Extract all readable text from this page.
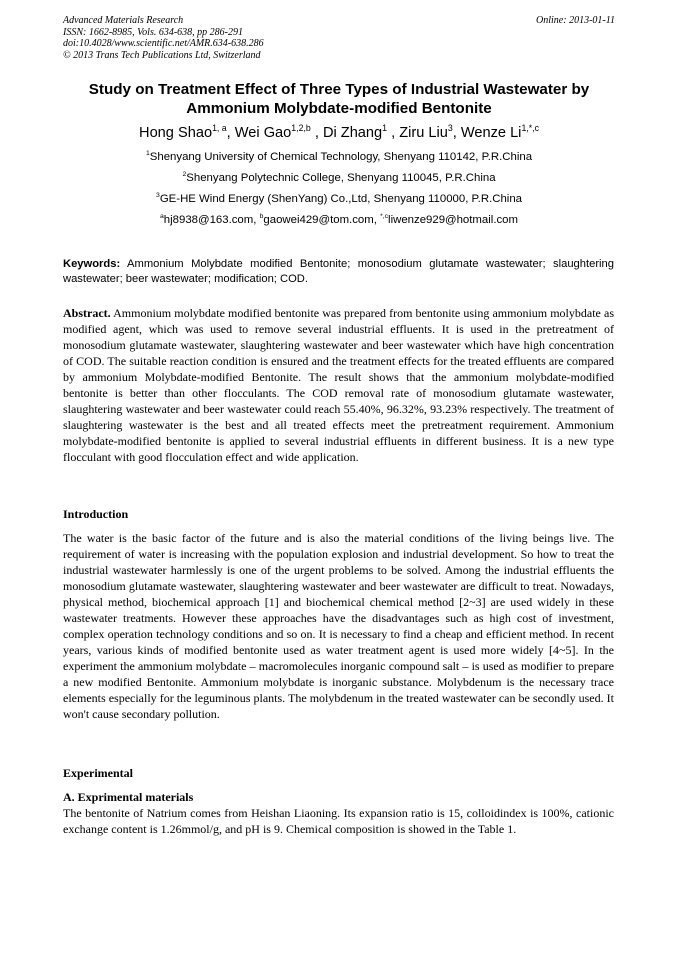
Advanced Materials Research
ISSN: 1662-8985, Vols. 634-638, pp 286-291
doi:10.4028/www.scientific.net/AMR.634-638.286
© 2013 Trans Tech Publications Ltd, Switzerland
Online: 2013-01-11
Study on Treatment Effect of Three Types of Industrial Wastewater by
Ammonium Molybdate-modified Bentonite
Hong Shao$^{1, a}$, Wei Gao$^{1,2,b}$ , Di Zhang$^1$ , Ziru Liu$^3$, Wenze $Li^{1,*,c}$
$^1$Shenyang University of Chemical Technology, Shenyang 110142, P.R.China
$^2$Shenyang Polytechnic College, Shenyang 110045, P.R.China
$^3$GE-HE Wind Energy (ShenYang) Co.,Ltd, Shenyang 110000, P.R.China
$^a$hj8938@163.com, $^b$gaowei429@tom.com, $^{*,c}$liwenze929@hotmail.com
Keywords: Ammonium Molybdate modified Bentonite; monosodium glutamate wastewater; slaughtering wastewater; beer wastewater; modification; COD.
Abstract. Ammonium molybdate modified bentonite was prepared from bentonite using ammonium molybdate as modified agent, which was used to remove several industrial effluents. It is used in the pretreatment of monosodium glutamate wastewater, slaughtering wastewater and beer wastewater which have high concentration of COD. The suitable reaction condition is ensured and the treatment effects for the treated effluents are compared by ammonium Molybdate-modified Bentonite. The result shows that the ammonium molybdate-modified bentonite is better than other flocculants. The COD removal rate of monosodium glutamate wastewater, slaughtering wastewater and beer wastewater could reach 55.40%, 96.32%, 93.23% respectively. The treatment of slaughtering wastewater is the best and all treated effects meet the pretreatment requirement. Ammonium molybdate-modified bentonite is applied to several industrial effluents in different business. It is a new type flocculant with good flocculation effect and wide application.
Introduction
The water is the basic factor of the future and is also the material conditions of the living beings live. The requirement of water is increasing with the population explosion and industrial development. So how to treat the industrial wastewater harmlessly is one of the urgent problems to be solved. Among the industrial effluents the monosodium glutamate wastewater, slaughtering wastewater and beer wastewater are difficult to treat. Nowadays, physical method, biochemical approach [1] and biochemical chemical method [2~3] are used widely in these wastewater treatments. However these approaches have the disadvantages such as high cost of investment, complex operation technology conditions and so on. It is necessary to find a cheap and efficient method. In recent years, various kinds of modified bentonite used as water treatment agent is used more widely [4~5]. In the experiment the ammonium molybdate – macromolecules inorganic compound salt – is used as modifier to prepare a new modified Bentonite. Ammonium molybdate is inorganic substance. Molybdenum is the necessary trace elements especially for the leguminous plants. The molybdenum in the treated wastewater can be secondly used. It won't cause secondary pollution.
Experimental
A. Exprimental materials
The bentonite of Natrium comes from Heishan Liaoning. Its expansion ratio is 15, colloidindex is 100%, cationic exchange content is 1.26mmol/g, and pH is 9. Chemical composition is showed in the Table 1.
